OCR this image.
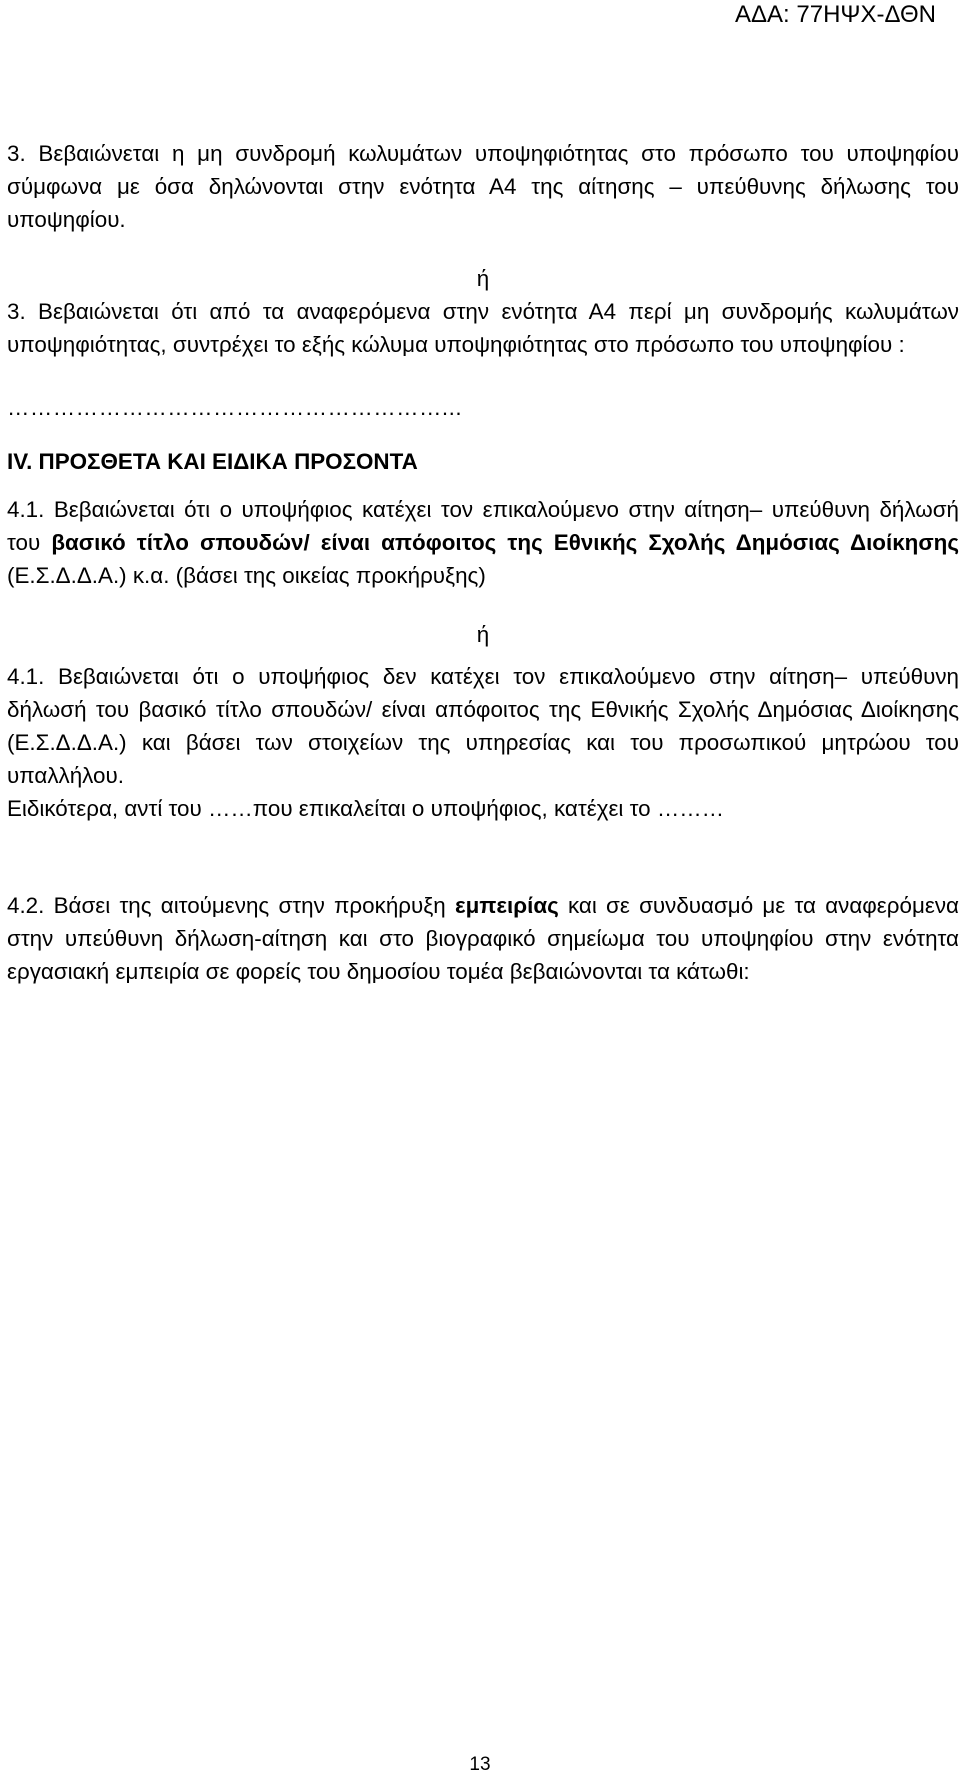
ΑΔΑ: 77ΗΨΧ-ΔΘΝ

3. Βεβαιώνεται η μη συνδρομή κωλυμάτων υποψηφιότητας στο πρόσωπο του υποψηφίου σύμφωνα με όσα δηλώνονται στην ενότητα Α4 της αίτησης – υπεύθυνης δήλωσης του υποψηφίου.

ή

3. Βεβαιώνεται ότι από τα αναφερόμενα στην ενότητα Α4 περί μη συνδρομής κωλυμάτων υποψηφιότητας, συντρέχει το εξής κώλυμα υποψηφιότητας στο πρόσωπο του υποψηφίου :

…………………………………………………...

IV. ΠΡΟΣΘΕΤΑ ΚΑΙ ΕΙΔΙΚΑ ΠΡΟΣΟΝΤΑ

4.1. Βεβαιώνεται ότι ο υποψήφιος κατέχει τον επικαλούμενο στην αίτηση– υπεύθυνη δήλωσή του βασικό τίτλο σπουδών/ είναι απόφοιτος της Εθνικής Σχολής Δημόσιας Διοίκησης (Ε.Σ.Δ.Δ.Α.) κ.α. (βάσει της οικείας προκήρυξης)

ή

4.1. Βεβαιώνεται ότι ο υποψήφιος δεν κατέχει τον επικαλούμενο στην αίτηση– υπεύθυνη δήλωσή του βασικό τίτλο σπουδών/ είναι απόφοιτος της Εθνικής Σχολής Δημόσιας Διοίκησης (Ε.Σ.Δ.Δ.Α.) και βάσει των στοιχείων της υπηρεσίας και του προσωπικού μητρώου του υπαλλήλου.

Ειδικότερα, αντί του ……που επικαλείται ο υποψήφιος, κατέχει το ………

4.2. Βάσει της αιτούμενης στην προκήρυξη εμπειρίας και σε συνδυασμό με τα αναφερόμενα στην υπεύθυνη δήλωση-αίτηση και στο βιογραφικό σημείωμα του υποψηφίου στην ενότητα εργασιακή εμπειρία σε φορείς του δημοσίου τομέα βεβαιώνονται τα κάτωθι:

13
